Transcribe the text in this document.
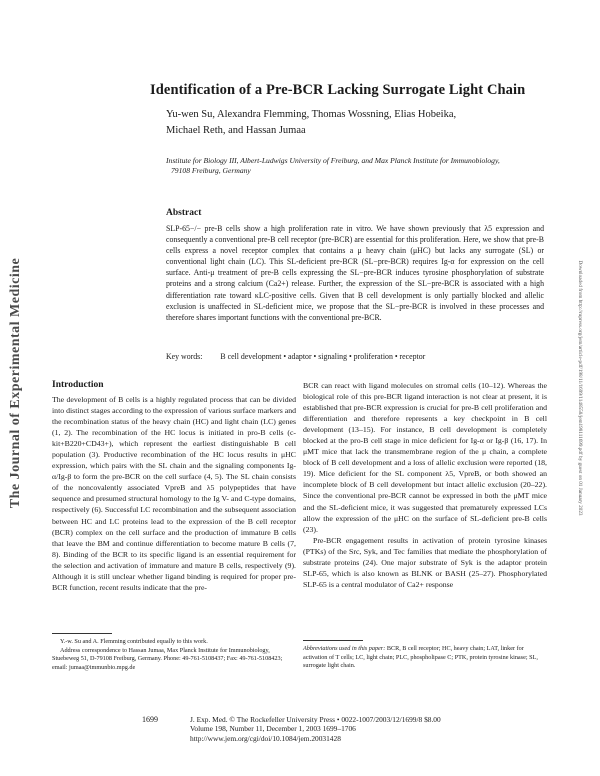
The Journal of Experimental Medicine
Identification of a Pre-BCR Lacking Surrogate Light Chain
Yu-wen Su, Alexandra Flemming, Thomas Wossning, Elias Hobeika,
Michael Reth, and Hassan Jumaa
Institute for Biology III, Albert-Ludwigs University of Freiburg, and Max Planck Institute for Immunobiology,
79108 Freiburg, Germany
Abstract
SLP-65−/− pre-B cells show a high proliferation rate in vitro. We have shown previously that λ5 expression and consequently a conventional pre-B cell receptor (pre-BCR) are essential for this proliferation. Here, we show that pre-B cells express a novel receptor complex that contains a μ heavy chain (μHC) but lacks any surrogate (SL) or conventional light chain (LC). This SL-deficient pre-BCR (SL−pre-BCR) requires Ig-α for expression on the cell surface. Anti-μ treatment of pre-B cells expressing the SL−pre-BCR induces tyrosine phosphorylation of substrate proteins and a strong calcium (Ca2+) release. Further, the expression of the SL−pre-BCR is associated with a high differentiation rate toward κLC-positive cells. Given that B cell development is only partially blocked and allelic exclusion is unaffected in SL-deficient mice, we propose that the SL−pre-BCR is involved in these processes and therefore shares important functions with the conventional pre-BCR.
Key words: B cell development • adaptor • signaling • proliferation • receptor	Downloaded from http://rupress.org/jem/article-pdf/198/11/1699/1148558/jem198111699.pdf by guest on 01 January 2023
Introduction

The development of B cells is a highly regulated process that can be divided into distinct stages according to the expression of various surface markers and the recombination status of the heavy chain (HC) and light chain (LC) genes (1, 2). The recombination of the HC locus is initiated in pro-B cells (c-kit+B220+CD43+), which represent the earliest distinguishable B cell population (3). Productive recombination of the HC locus results in μHC expression, which pairs with the SL chain and the signaling components Ig-α/Ig-β to form the pre-BCR on the cell surface (4, 5). The SL chain consists of the noncovalently associated VpreB and λ5 polypeptides that have sequence and presumed structural homology to the Ig V- and C-type domains, respectively (6). Successful LC recombination and the subsequent association between HC and LC proteins lead to the expression of the B cell receptor (BCR) complex on the cell surface and the production of immature B cells that leave the BM and continue differentiation to become mature B cells (7, 8). Binding of the BCR to its specific ligand is an essential requirement for the selection and activation of immature and mature B cells, respectively (9). Although it is still unclear whether ligand binding is required for proper pre-BCR function, recent results indicate that the pre-

BCR can react with ligand molecules on stromal cells (10–12). Whereas the biological role of this pre-BCR ligand interaction is not clear at present, it is established that pre-BCR expression is crucial for pre-B cell proliferation and differentiation and therefore represents a key checkpoint in B cell development (13–15). For instance, B cell development is completely blocked at the pro-B cell stage in mice deficient for Ig-α or Ig-β (16, 17). In μMT mice that lack the transmembrane region of the μ chain, a complete block of B cell development and a loss of allelic exclusion were reported (18, 19). Mice deficient for the SL component λ5, VpreB, or both showed an incomplete block of B cell development but intact allelic exclusion (20–22). Since the conventional pre-BCR cannot be expressed in both the μMT mice and the SL-deficient mice, it was suggested that prematurely expressed LCs allow the expression of the μHC on the surface of SL-deficient pre-B cells (23).

Pre-BCR engagement results in activation of protein tyrosine kinases (PTKs) of the Src, Syk, and Tec families that mediate the phosphorylation of substrate proteins (24). One major substrate of Syk is the adaptor protein SLP-65, which is also known as BLNK or BASH (25–27). Phosphorylated SLP-65 is a central modulator of Ca2+ response

Y.-w. Su and A. Flemming contributed equally to this work.
Address correspondence to Hassan Jumaa, Max Planck Institute for Immunobiology, Stuebeweg 51, D-79108 Freiburg, Germany. Phone: 49-761-5108437; Fax: 49-761-5108423; email: jumaa@immunbio.mpg.de
Abbreviations used in this paper: BCR, B cell receptor; HC, heavy chain; LAT, linker for activation of T cells; LC, light chain; PLC, phospholipase C; PTK, protein tyrosine kinase; SL, surrogate light chain.
1699	J. Exp. Med. © The Rockefeller University Press • 0022-1007/2003/12/1699/8 $8.00
Volume 198, Number 11, December 1, 2003 1699–1706
http://www.jem.org/cgi/doi/10.1084/jem.20031428
